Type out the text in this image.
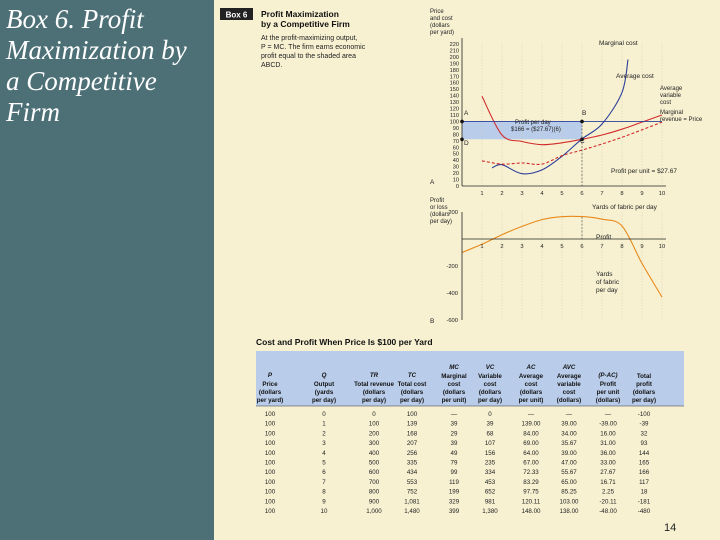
Box 6. Profit Maximization by a Competitive Firm
Box 6 Profit Maximization
by a Competitive Firm
At the profit-maximizing output,
P = MC. The firm earns economic
profit equal to the shaded area
ABCD.
Price
and cost
(dollars
per yard)
0
10
20
30
40
50
60
70
80
90
100
110
120
130
140
150
160
170
180
190
200
210
220
1	2	3	4	5	6	7	8	9	10
Marginal cost
Average cost
Average
variable
cost
Marginal
revenue = Price
Profit per day
$166 = ($27.67)(6)
Profit per unit = $27.67
A	B
C
D
A
Yards of fabric per day
Profit
or loss
(dollars
per day)
200
-200
-400
-600
1	2	3	4	5	6	7	8	9	10
Profit
Yards
of fabric
per day
B
Cost and Profit When Price Is $100 per Yard
P
Price
(dollars
per yard)
Q
Output
(yards
per day)
TR
Total revenue
(dollars
per day)
TC
Total cost
(dollars
per day)
MC
Marginal
cost
(dollars
per unit)
VC
Variable
cost
(dollars
per day)
AC
Average
cost
(dollars
per unit)
AVC
Average
variable
cost
(dollars)
(P-AC)
Profit
per unit
(dollars)
Total
profit
(dollars
per day)
100	0	0	100	—	0	—	—	—	-100
100	1	100	139	39	39	139.00	39.00	-39.00	-39
100	2	200	168	29	68	84.00	34.00	16.00	32
100	3	300	207	39	107	69.00	35.67	31.00	93
100	4	400	256	49	156	64.00	39.00	36.00	144
100	5	500	335	79	235	67.00	47.00	33.00	165
100	6	600	434	99	334	72.33	55.67	27.67	166
100	7	700	553	119	453	83.29	65.00	16.71	117
100	8	800	752	199	652	97.75	85.25	2.25	18
100	9	900	1,081	329	981	120.11	103.00	-20.11	-181
100	10	1,000	1,480	399	1,380	148.00	138.00	-48.00	-480
14
